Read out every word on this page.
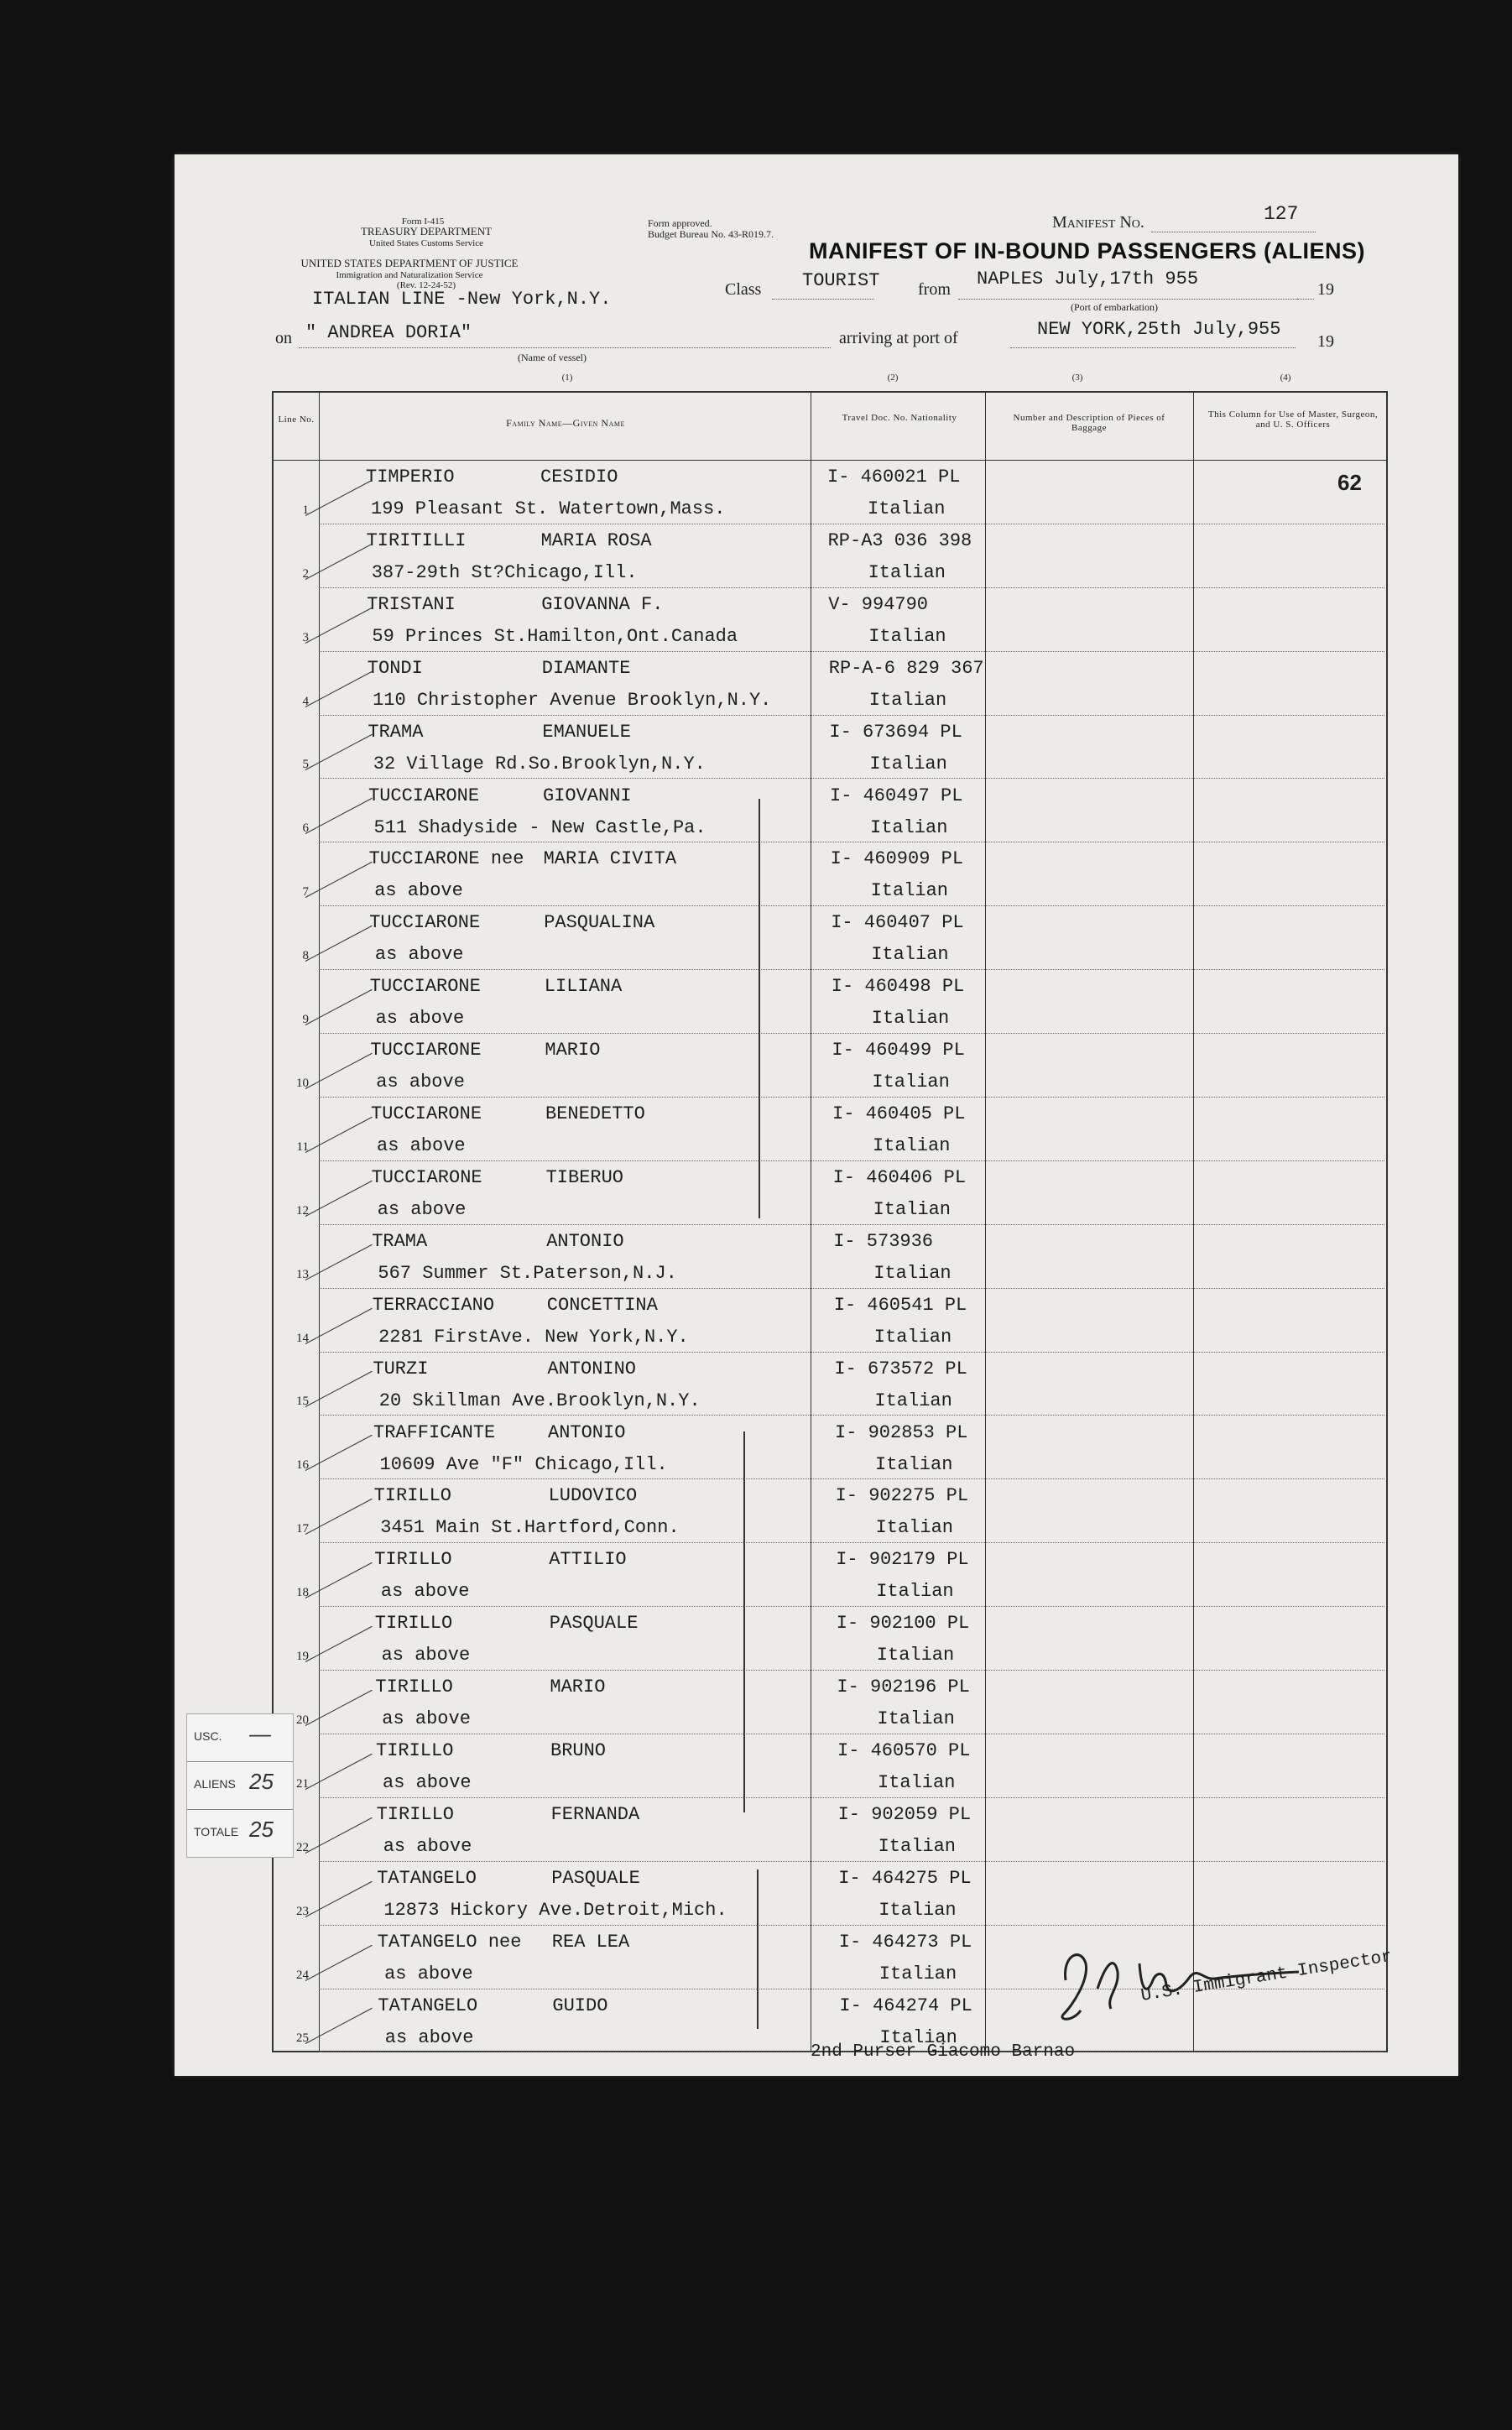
Form I-415
TREASURY DEPARTMENT
United States Customs Service
UNITED STATES DEPARTMENT OF JUSTICE
Immigration and Naturalization Service
(Rev. 12-24-52)
Form approved.
Budget Bureau No. 43-R019.7.
Manifest No.	127
MANIFEST OF IN-BOUND PASSENGERS (ALIENS)
Class TOURIST from NAPLES July,17th 955	19
(Port of embarkation)
ITALIAN LINE -New York,N.Y.
on " ANDREA DORIA"
(Name of vessel)
arriving at port of	NEW YORK,25th July,955
19
(1)	(2)	(3)	(4)
Line No.	Family Name—Given Name	Travel Doc. No. Nationality	Number and Description of Pieces of Baggage
This Column for Use of Master, Surgeon, and U. S. Officers
62
1
TIMPERIO	CESIDIO
199 Pleasant St. Watertown,Mass.
I- 460021 PL
Italian
2
TIRITILLI	MARIA ROSA
387-29th St?Chicago,Ill.
RP-A3 036 398
Italian
3
TRISTANI	GIOVANNA F.
59 Princes St.Hamilton,Ont.Canada
V- 994790
Italian
4
TONDI	DIAMANTE
110 Christopher Avenue Brooklyn,N.Y.
RP-A-6 829 367
Italian
5
TRAMA	EMANUELE
32 Village Rd.So.Brooklyn,N.Y.
I- 673694 PL
Italian
6
TUCCIARONE	GIOVANNI
511 Shadyside - New Castle,Pa.
I- 460497 PL
Italian
7
TUCCIARONE nee MARIA CIVITA
as above
I- 460909 PL
Italian
8
TUCCIARONE	PASQUALINA
as above
I- 460407 PL
Italian
9
TUCCIARONE	LILIANA
as above
I- 460498 PL
Italian
10
TUCCIARONE	MARIO
as above
I- 460499 PL
Italian
11
TUCCIARONE	BENEDETTO
as above
I- 460405 PL
Italian
12
TUCCIARONE	TIBERUO
as above
I- 460406 PL
Italian
13
TRAMA	ANTONIO
567 Summer St.Paterson,N.J.
I- 573936
Italian
14
TERRACCIANO	CONCETTINA
2281 FirstAve. New York,N.Y.
I- 460541 PL
Italian
15
TURZI	ANTONINO
20 Skillman Ave.Brooklyn,N.Y.
I- 673572 PL
Italian
16
TRAFFICANTE	ANTONIO
10609 Ave "F" Chicago,Ill.
I- 902853 PL
Italian
17
TIRILLO	LUDOVICO
3451 Main St.Hartford,Conn.
I- 902275 PL
Italian
18
TIRILLO	ATTILIO
as above
I- 902179 PL
Italian
19
TIRILLO	PASQUALE
as above
I- 902100 PL
Italian
20
TIRILLO	MARIO
as above
I- 902196 PL
Italian
21
TIRILLO	BRUNO
as above
I- 460570 PL
Italian
22
TIRILLO	FERNANDA
as above
I- 902059 PL
Italian
23
TATANGELO	PASQUALE
12873 Hickory Ave.Detroit,Mich.
I- 464275 PL
Italian
24
TATANGELO nee REA LEA
as above
I- 464273 PL
Italian
25
TATANGELO	GUIDO
as above
I- 464274 PL
Italian
U.S. Immigrant Inspector
2nd Purser Giacomo Barnao
USC. —
ALIENS 25
TOTALE 25
